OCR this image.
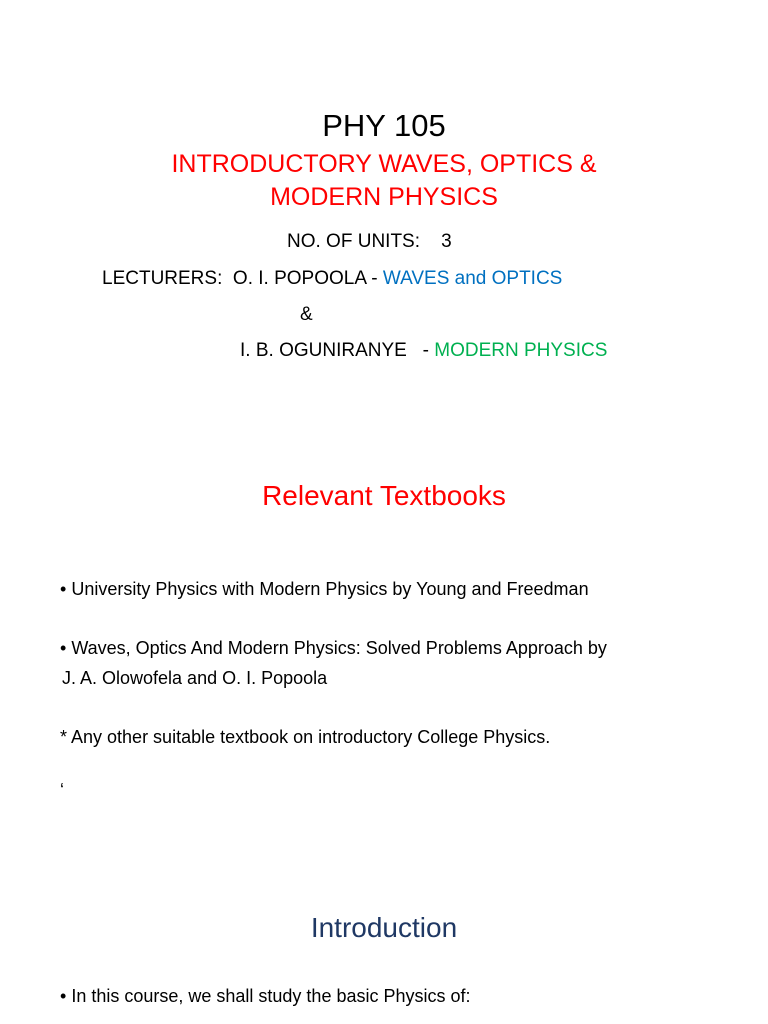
PHY 105
INTRODUCTORY WAVES, OPTICS &
MODERN PHYSICS
NO. OF UNITS: 3
LECTURERS: O. I. POPOOLA - WAVES and OPTICS
&
I. B. OGUNIRANYE   - MODERN PHYSICS
Relevant Textbooks
• University Physics with Modern Physics by Young and Freedman
• Waves, Optics And Modern Physics: Solved Problems Approach by
J. A. Olowofela and O. I. Popoola
* Any other suitable textbook on introductory College Physics.
‘
Introduction
• In this course, we shall study the basic Physics of:
